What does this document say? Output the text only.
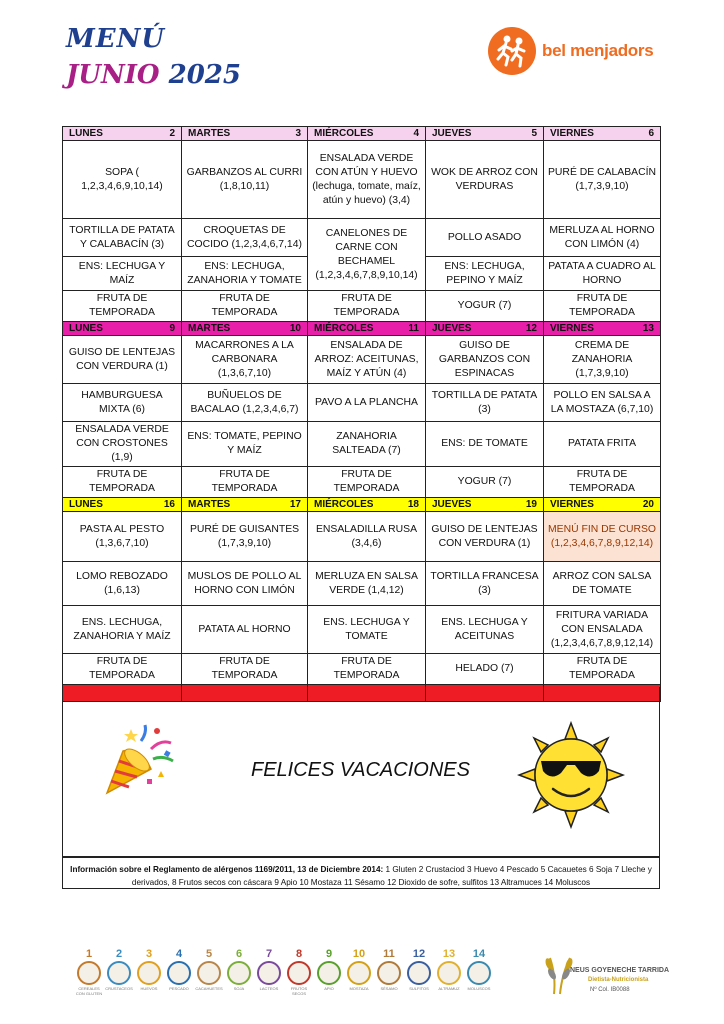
MENÚ
JUNIO 2025
bel menjadors
LUNES 2	MARTES 3	MIÉRCOLES 4	JUEVES 5	VIERNES 6

SOPA ( 1,2,3,4,6,9,10,14)	GARBANZOS AL CURRI (1,8,10,11)	ENSALADA VERDE CON ATÚN Y HUEVO (lechuga, tomate, maíz, atún y huevo) (3,4)	WOK DE ARROZ CON VERDURAS	PURÉ DE CALABACÍN (1,7,3,9,10)
TORTILLA DE PATATA Y CALABACÍN (3)	CROQUETAS DE COCIDO (1,2,3,4,6,7,14)	CANELONES DE CARNE CON BECHAMEL (1,2,3,4,6,7,8,9,10,14)	POLLO ASADO	MERLUZA AL HORNO CON LIMÓN (4)
ENS: LECHUGA Y MAÍZ	ENS: LECHUGA, ZANAHORIA Y TOMATE		ENS: LECHUGA, PEPINO Y MAÍZ	PATATA A CUADRO AL HORNO
FRUTA DE TEMPORADA	FRUTA DE TEMPORADA	FRUTA DE TEMPORADA	YOGUR (7)	FRUTA DE TEMPORADA
LUNES 9	MARTES 10	MIÉRCOLES 11	JUEVES 12	VIERNES 13

GUISO DE LENTEJAS CON VERDURA (1)	MACARRONES A LA CARBONARA (1,3,6,7,10)	ENSALADA DE ARROZ: ACEITUNAS, MAÍZ Y ATÚN (4)	GUISO DE GARBANZOS CON ESPINACAS	CREMA DE ZANAHORIA (1,7,3,9,10)
HAMBURGUESA MIXTA (6)	BUÑUELOS DE BACALAO (1,2,3,4,6,7)	PAVO A LA PLANCHA	TORTILLA DE PATATA (3)	POLLO EN SALSA A LA MOSTAZA (6,7,10)
ENSALADA VERDE CON CROSTONES (1,9)	ENS: TOMATE, PEPINO Y MAÍZ	ZANAHORIA SALTEADA (7)	ENS: DE TOMATE	PATATA FRITA
FRUTA DE TEMPORADA	FRUTA DE TEMPORADA	FRUTA DE TEMPORADA	YOGUR (7)	FRUTA DE TEMPORADA
LUNES 16	MARTES 17	MIÉRCOLES 18	JUEVES 19	VIERNES 20

PASTA AL PESTO (1,3,6,7,10)	PURÉ DE GUISANTES (1,7,3,9,10)	ENSALADILLA RUSA (3,4,6)	GUISO DE LENTEJAS CON VERDURA (1)	MENÚ FIN DE CURSO (1,2,3,4,6,7,8,9,12,14)
LOMO REBOZADO (1,6,13)	MUSLOS DE POLLO AL HORNO CON LIMÓN	MERLUZA EN SALSA VERDE (1,4,12)	TORTILLA FRANCESA (3)	ARROZ CON SALSA DE TOMATE
ENS. LECHUGA, ZANAHORIA Y MAÍZ	PATATA AL HORNO	ENS. LECHUGA Y TOMATE	ENS. LECHUGA Y ACEITUNAS	FRITURA VARIADA CON ENSALADA (1,2,3,4,6,7,8,9,12,14)
FRUTA DE TEMPORADA	FRUTA DE TEMPORADA	FRUTA DE TEMPORADA	HELADO (7)	FRUTA DE TEMPORADA

FELICES VACACIONES
Información sobre el Reglamento de alérgenos 1169/2011, 13 de Diciembre 2014: 1 Gluten 2 Crustaciod 3 Huevo 4 Pescado 5 Cacauetes 6 Soja 7 Lleche y derivados, 8 Frutos secos con cáscara 9 Apio 10 Mostaza 11 Sésamo 12 Dioxido de sofre, sulfitos 13 Altramuces 14 Moluscos
1
CEREALES CON GLUTEN
2
CRUSTACEOS
3
HUEVOS
4
PESCADO
5
CACAHUETES
6
SOJA
7
LACTEOS
8
FRUTOS SECOS
9
APIO
10
MOSTAZA
11
SÉSAMO
12
SULFITOS
13
ALTRAMUZ
14
MOLUSCOS
NEUS GOYENECHE TARRIDA
Dietista-Nutricionista
Nº Col. IB0088
